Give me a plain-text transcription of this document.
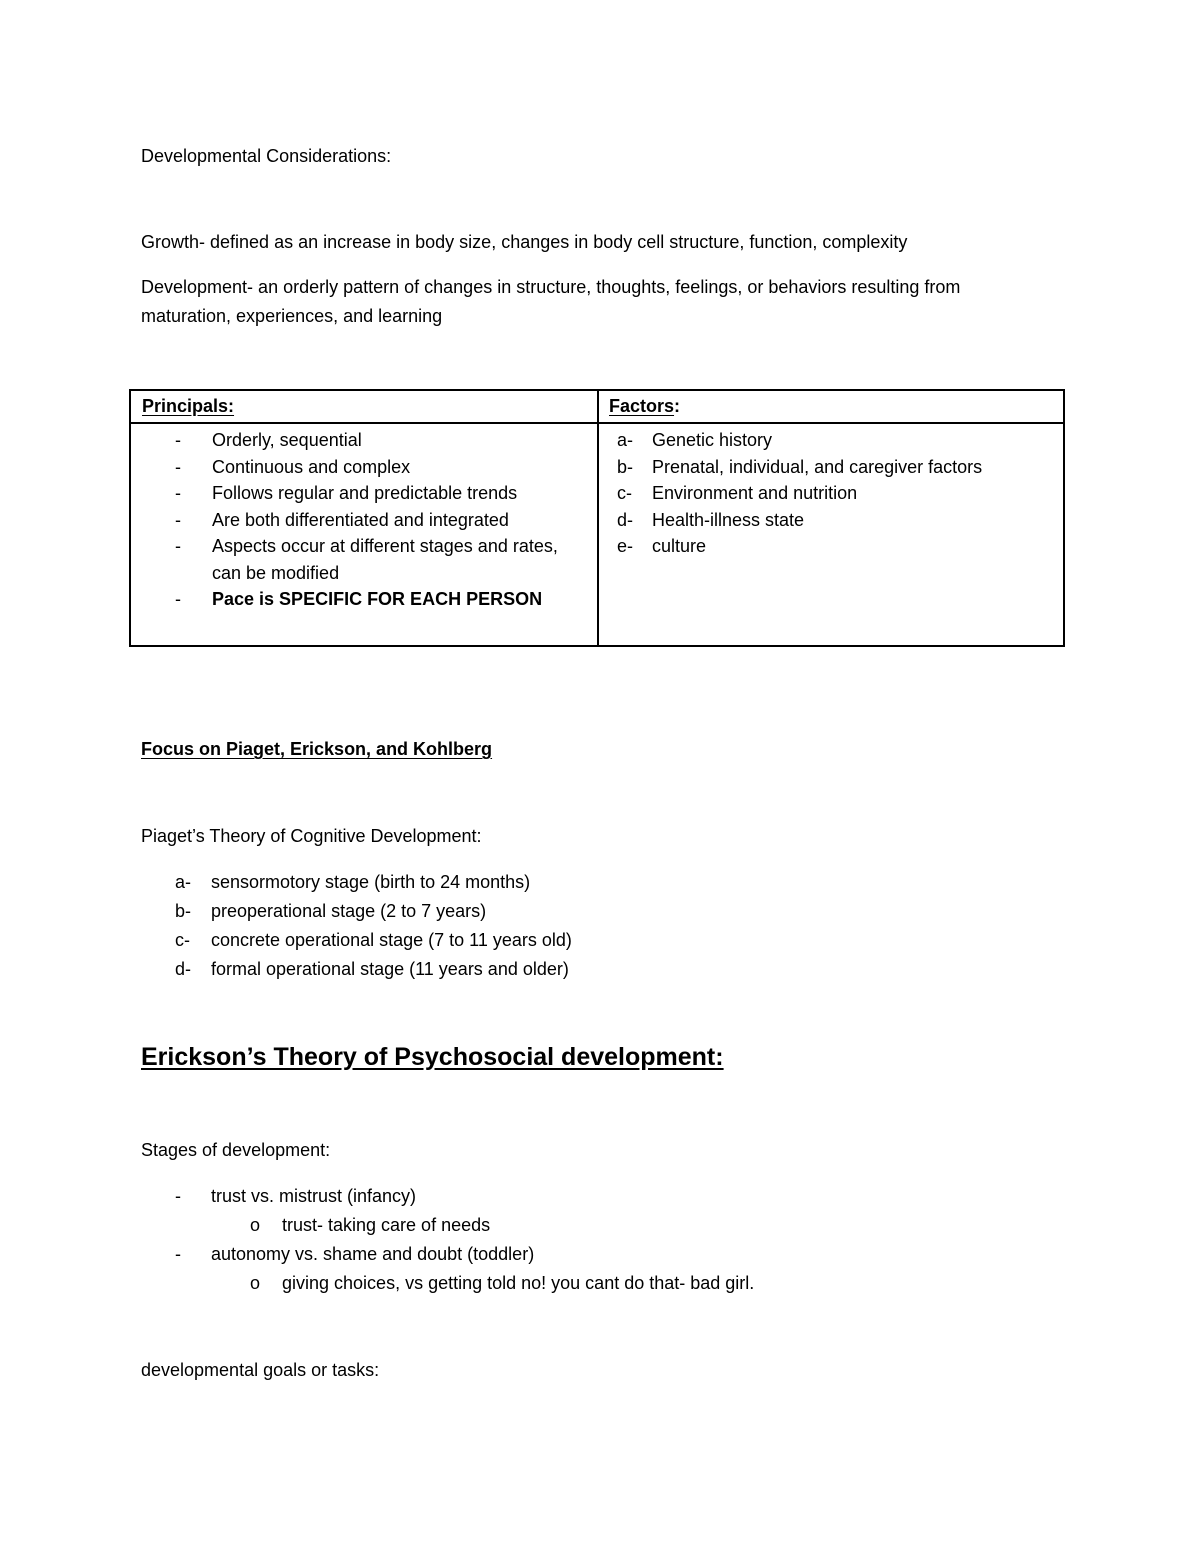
Developmental Considerations:
Growth- defined as an increase in body size, changes in body cell structure, function, complexity
Development- an orderly pattern of changes in structure, thoughts, feelings, or behaviors resulting from
maturation, experiences, and learning
Principals:	Factors:
- Orderly, sequential
- Continuous and complex
- Follows regular and predictable trends
- Are both differentiated and integrated
- Aspects occur at different stages and rates,
can be modified
- Pace is SPECIFIC FOR EACH PERSON
a- Genetic history
b- Prenatal, individual, and caregiver factors
c- Environment and nutrition
d- Health-illness state
e- culture
Focus on Piaget, Erickson, and Kohlberg
Piaget’s Theory of Cognitive Development:
a- sensormotory stage (birth to 24 months)
b- preoperational stage (2 to 7 years)
c- concrete operational stage (7 to 11 years old)
d- formal operational stage (11 years and older)
Erickson’s Theory of Psychosocial development:
Stages of development:
- trust vs. mistrust (infancy)
o trust- taking care of needs
- autonomy vs. shame and doubt (toddler)
o giving choices, vs getting told no! you cant do that- bad girl.
developmental goals or tasks:
